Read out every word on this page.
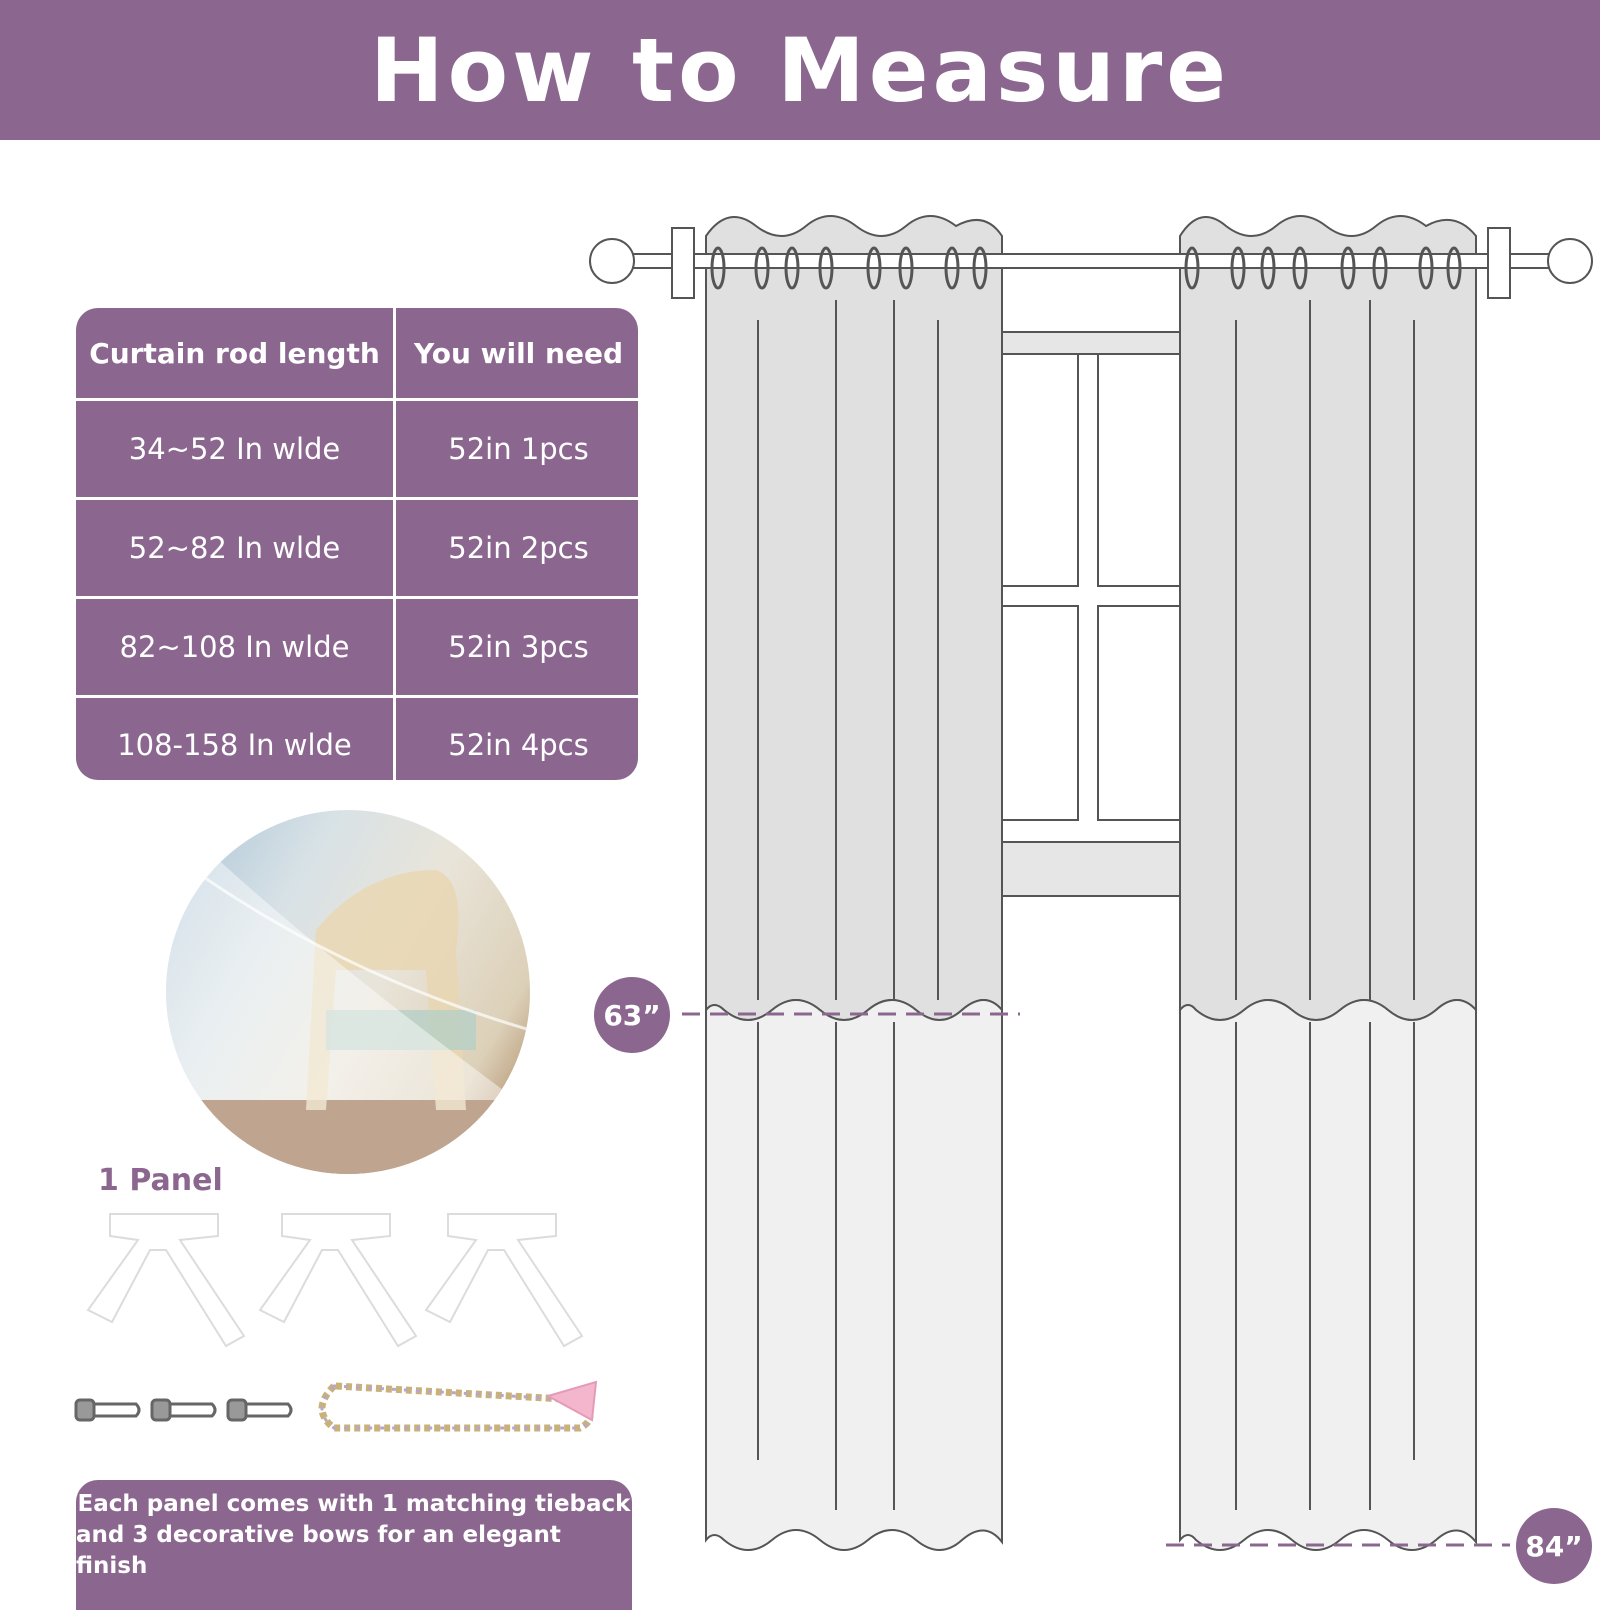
How to Measure
Curtain rod length	You will need
34~52 In wlde	52in 1pcs
52~82 In wlde	52in 2pcs
82~108 In wlde	52in 3pcs
108-158 In wlde	52in 4pcs
1 Panel
Each panel comes with 1 matching tieback
and 3 decorative bows for an elegant finish
63”
84”
